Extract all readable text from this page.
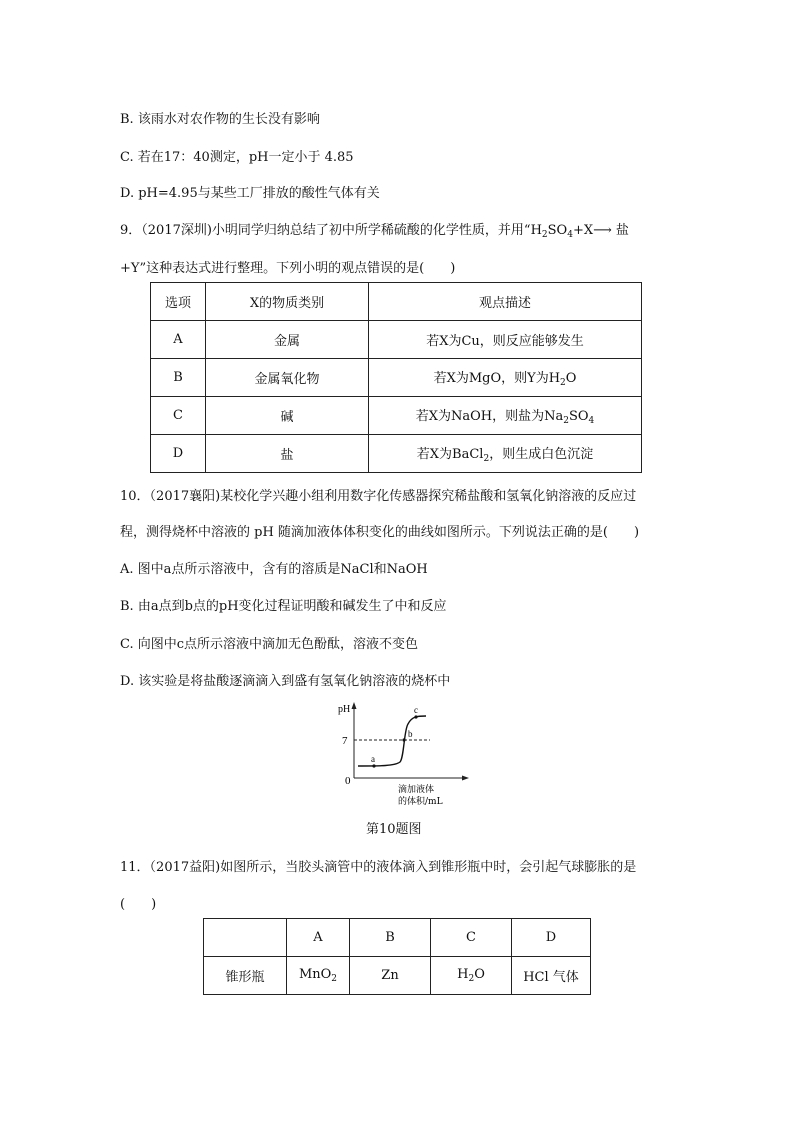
B. 该雨水对农作物的生长没有影响
C. 若在17：40测定，pH一定小于 4.85
D. pH=4.95与某些工厂排放的酸性气体有关
9．（2017深圳)小明同学归纳总结了初中所学稀硫酸的化学性质，并用“$H_2SO_4+X⟶$ 盐
+Y”这种表达式进行整理。下列小明的观点错误的是(　　)
选项	X的物质类别	观点描述
A	金属	若X为Cu，则反应能够发生
B	金属氧化物	若X为MgO，则Y为$H_2O$
C	碱	若X为NaOH，则盐为$Na_2SO_4$
D	盐	若X为BaCl$_2$，则生成白色沉淀
10．（2017襄阳)某校化学兴趣小组利用数字化传感器探究稀盐酸和氢氧化钠溶液的反应过
程，测得烧杯中溶液的 pH 随滴加液体体积变化的曲线如图所示。下列说法正确的是(　　)
A. 图中a点所示溶液中，含有的溶质是NaCl和NaOH
B. 由a点到b点的pH变化过程证明酸和碱发生了中和反应
C. 向图中c点所示溶液中滴加无色酚酞，溶液不变色
D. 该实验是将盐酸逐滴滴入到盛有氢氧化钠溶液的烧杯中
pH
7
0
a
b
c
滴加液体
的体积/mL
第10题图
11．（2017益阳)如图所示，当胶头滴管中的液体滴入到锥形瓶中时，会引起气球膨胀的是
(　　)
	A	B	C	D
锥形瓶	MnO$_2$	Zn	$H_2O$	HCl 气体
